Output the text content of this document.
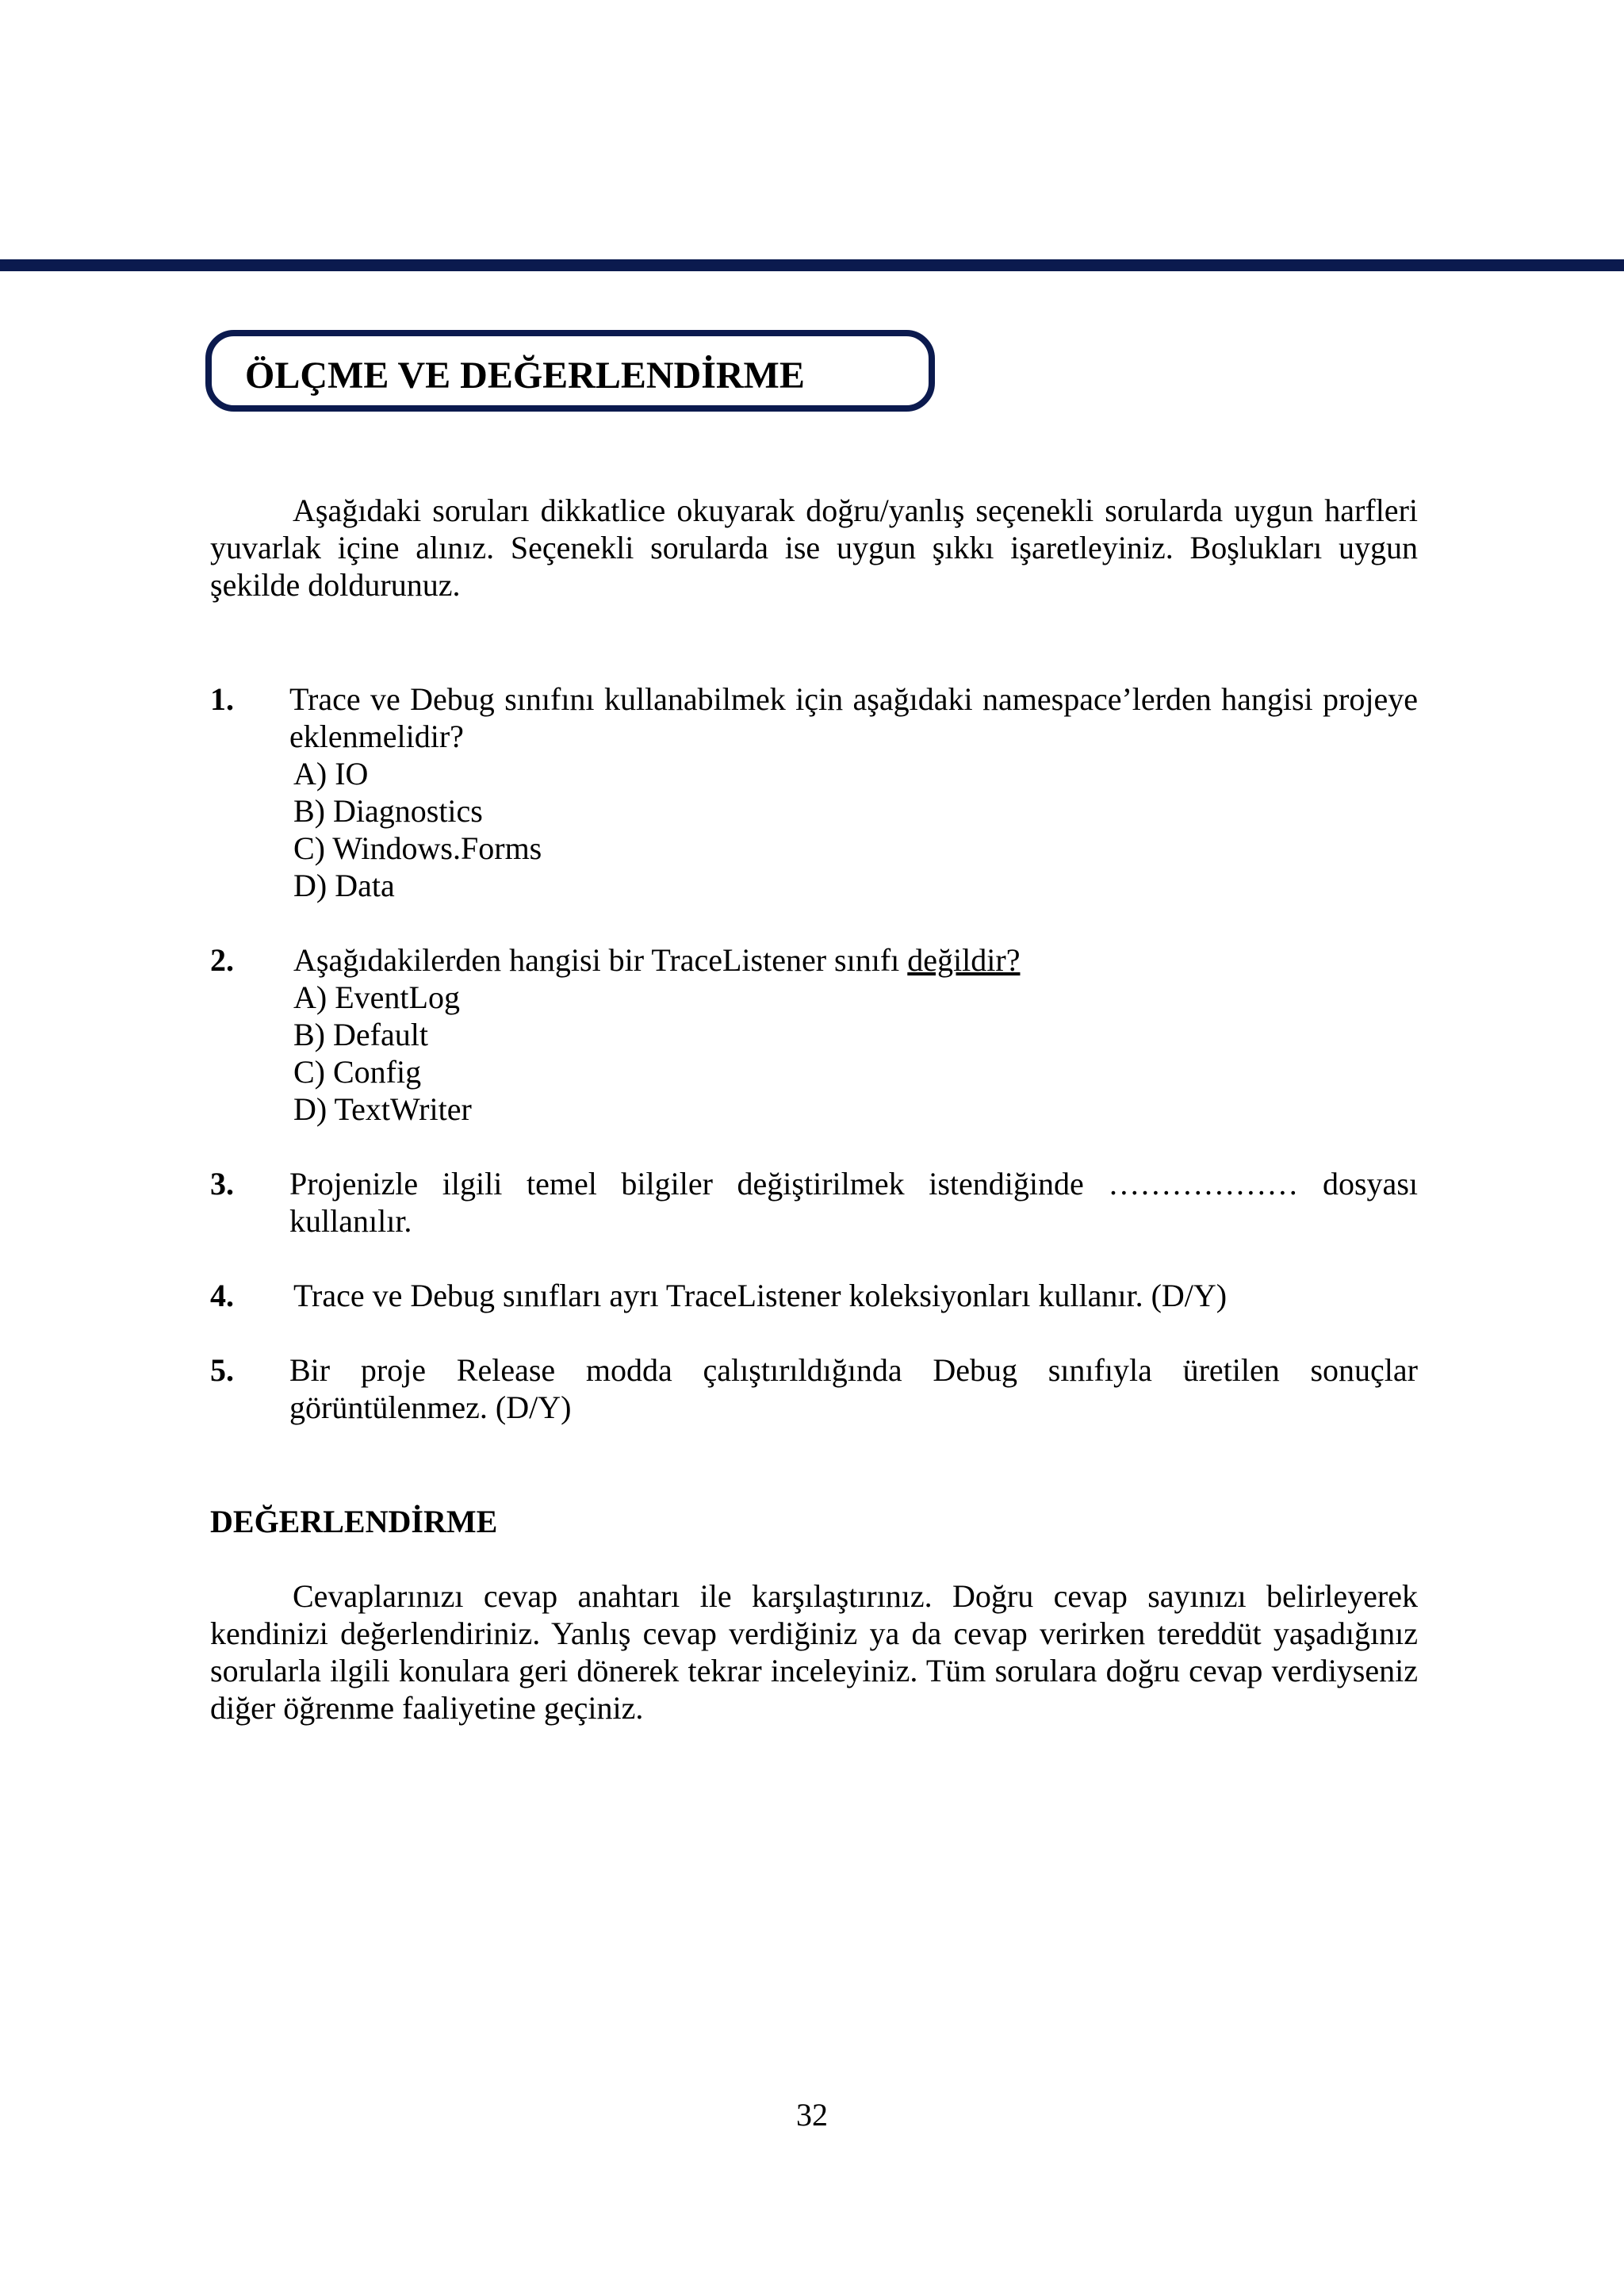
ÖLÇME VE DEĞERLENDİRME

Aşağıdaki soruları dikkatlice okuyarak doğru/yanlış seçenekli sorularda uygun harfleri yuvarlak içine alınız. Seçenekli sorularda ise uygun şıkkı işaretleyiniz. Boşlukları uygun şekilde doldurunuz.

1. Trace ve Debug sınıfını kullanabilmek için aşağıdaki namespace’lerden hangisi projeye eklenmelidir?
A) IO
B) Diagnostics
C) Windows.Forms
D) Data
2. Aşağıdakilerden hangisi bir TraceListener sınıfı değildir?
A) EventLog
B) Default
C) Config
D) TextWriter
3. Projenizle ilgili temel bilgiler değiştirilmek istendiğinde ……………… dosyası kullanılır.
4. Trace ve Debug sınıfları ayrı TraceListener koleksiyonları kullanır. (D/Y)
5. Bir proje Release modda çalıştırıldığında Debug sınıfıyla üretilen sonuçlar görüntülenmez. (D/Y)
DEĞERLENDİRME

Cevaplarınızı cevap anahtarı ile karşılaştırınız. Doğru cevap sayınızı belirleyerek kendinizi değerlendiriniz. Yanlış cevap verdiğiniz ya da cevap verirken tereddüt yaşadığınız sorularla ilgili konulara geri dönerek tekrar inceleyiniz. Tüm sorulara doğru cevap verdiyseniz diğer öğrenme faaliyetine geçiniz.

32
